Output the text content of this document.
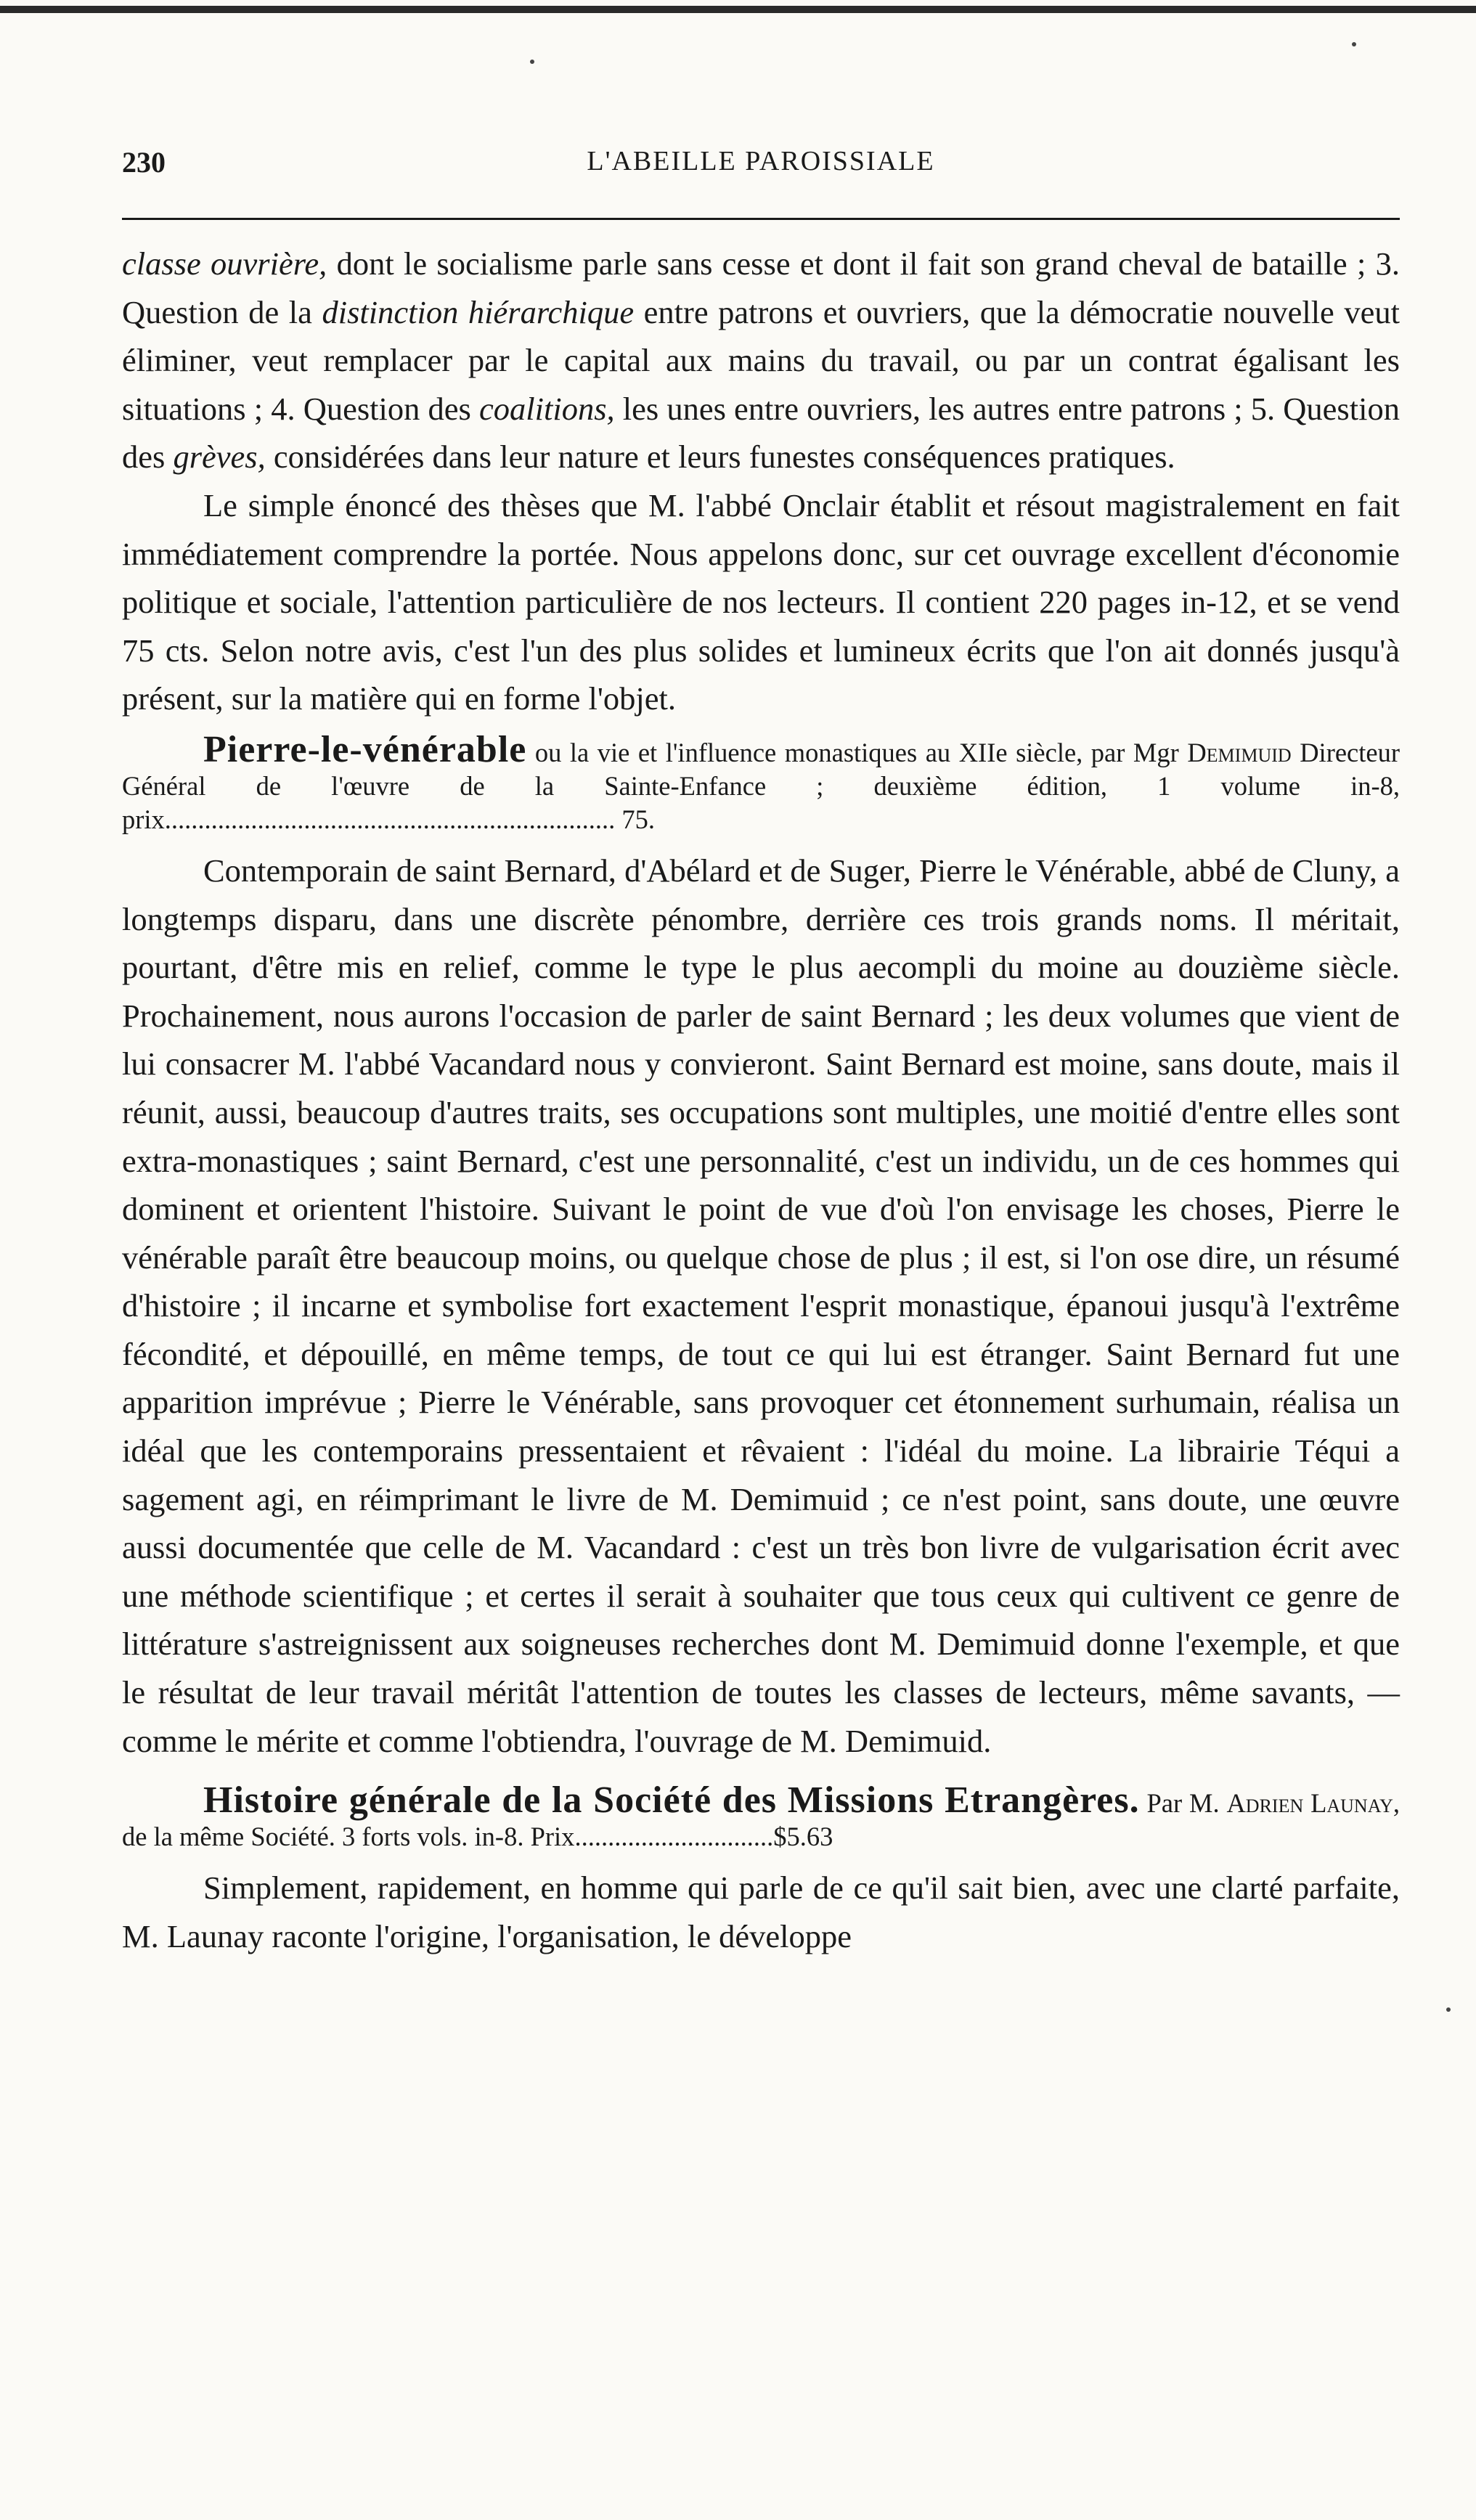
230	L'ABEILLE PAROISSIALE

classe ouvrière, dont le socialisme parle sans cesse et dont il fait son grand cheval de bataille ; 3. Question de la distinction hiérarchique entre patrons et ouvriers, que la démocratie nouvelle veut éliminer, veut remplacer par le capital aux mains du travail, ou par un contrat égalisant les situations ; 4. Question des coalitions, les unes entre ouvriers, les autres entre patrons ; 5. Question des grèves, considérées dans leur nature et leurs funestes conséquences pratiques.

Le simple énoncé des thèses que M. l'abbé Onclair établit et résout magistralement en fait immédiatement comprendre la portée. Nous appelons donc, sur cet ouvrage excellent d'économie politique et sociale, l'attention particulière de nos lecteurs. Il contient 220 pages in-12, et se vend 75 cts. Selon notre avis, c'est l'un des plus solides et lumineux écrits que l'on ait donnés jusqu'à présent, sur la matière qui en forme l'objet.

Pierre-le-vénérable ou la vie et l'influence monastiques au XIIe siècle, par Mgr Demimuid Directeur Général de l'œuvre de la Sainte-Enfance ; deuxième édition, 1 volume in-8, prix.................................................................... 75.

Contemporain de saint Bernard, d'Abélard et de Suger, Pierre le Vénérable, abbé de Cluny, a longtemps disparu, dans une discrète pénombre, derrière ces trois grands noms. Il méritait, pourtant, d'être mis en relief, comme le type le plus aecompli du moine au douzième siècle. Prochainement, nous aurons l'occasion de parler de saint Bernard ; les deux volumes que vient de lui consacrer M. l'abbé Vacandard nous y convieront. Saint Bernard est moine, sans doute, mais il réunit, aussi, beaucoup d'autres traits, ses occupations sont multiples, une moitié d'entre elles sont extra-monastiques ; saint Bernard, c'est une personnalité, c'est un individu, un de ces hommes qui dominent et orientent l'histoire. Suivant le point de vue d'où l'on envisage les choses, Pierre le vénérable paraît être beaucoup moins, ou quelque chose de plus ; il est, si l'on ose dire, un résumé d'histoire ; il incarne et symbolise fort exactement l'esprit monastique, épanoui jusqu'à l'extrême fécondité, et dépouillé, en même temps, de tout ce qui lui est étranger. Saint Bernard fut une apparition imprévue ; Pierre le Vénérable, sans provoquer cet étonnement surhumain, réalisa un idéal que les contemporains pressentaient et rêvaient : l'idéal du moine. La librairie Téqui a sagement agi, en réimprimant le livre de M. Demimuid ; ce n'est point, sans doute, une œuvre aussi documentée que celle de M. Vacandard : c'est un très bon livre de vulgarisation écrit avec une méthode scientifique ; et certes il serait à souhaiter que tous ceux qui cultivent ce genre de littérature s'astreignissent aux soigneuses recherches dont M. Demimuid donne l'exemple, et que le résultat de leur travail méritât l'attention de toutes les classes de lecteurs, même savants, — comme le mérite et comme l'obtiendra, l'ouvrage de M. Demimuid.

Histoire générale de la Société des Missions Etrangères. Par M. Adrien Launay, de la même Société. 3 forts vols. in-8. Prix..............................$5.63

Simplement, rapidement, en homme qui parle de ce qu'il sait bien, avec une clarté parfaite, M. Launay raconte l'origine, l'organisation, le développe
